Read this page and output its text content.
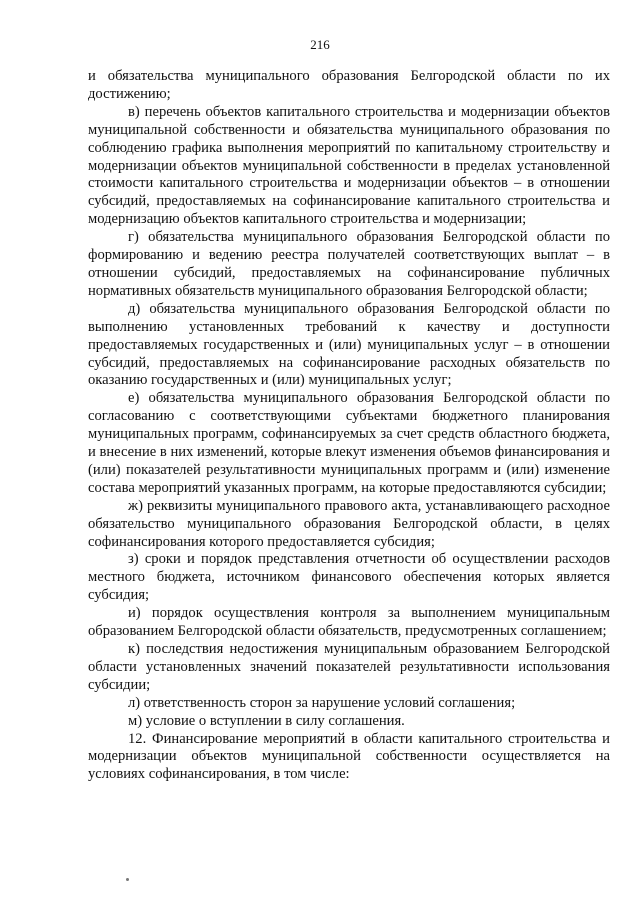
216

и обязательства муниципального образования Белгородской области по их достижению;

в) перечень объектов капитального строительства и модернизации объектов муниципальной собственности и обязательства муниципального образования по соблюдению графика выполнения мероприятий по капитальному строительству и модернизации объектов муниципальной собственности в пределах установленной стоимости капитального строительства и модернизации объектов – в отношении субсидий, предоставляемых на софинансирование капитального строительства и модернизацию объектов капитального строительства и модернизации;

г) обязательства муниципального образования Белгородской области по формированию и ведению реестра получателей соответствующих выплат – в отношении субсидий, предоставляемых на софинансирование публичных нормативных обязательств муниципального образования Белгородской области;

д) обязательства муниципального образования Белгородской области по выполнению установленных требований к качеству и доступности предоставляемых государственных и (или) муниципальных услуг – в отношении субсидий, предоставляемых на софинансирование расходных обязательств по оказанию государственных и (или) муниципальных услуг;

е) обязательства муниципального образования Белгородской области по согласованию с соответствующими субъектами бюджетного планирования муниципальных программ, софинансируемых за счет средств областного бюджета, и внесение в них изменений, которые влекут изменения объемов финансирования и (или) показателей результативности муниципальных программ и (или) изменение состава мероприятий указанных программ, на которые предоставляются субсидии;

ж) реквизиты муниципального правового акта, устанавливающего расходное обязательство муниципального образования Белгородской области, в целях софинансирования которого предоставляется субсидия;

з) сроки и порядок представления отчетности об осуществлении расходов местного бюджета, источником финансового обеспечения которых является субсидия;

и) порядок осуществления контроля за выполнением муниципальным образованием Белгородской области обязательств, предусмотренных соглашением;

к) последствия недостижения муниципальным образованием Белгородской области установленных значений показателей результативности использования субсидии;

л) ответственность сторон за нарушение условий соглашения;

м) условие о вступлении в силу соглашения.

12. Финансирование мероприятий в области капитального строительства и модернизации объектов муниципальной собственности осуществляется на условиях софинансирования, в том числе:
